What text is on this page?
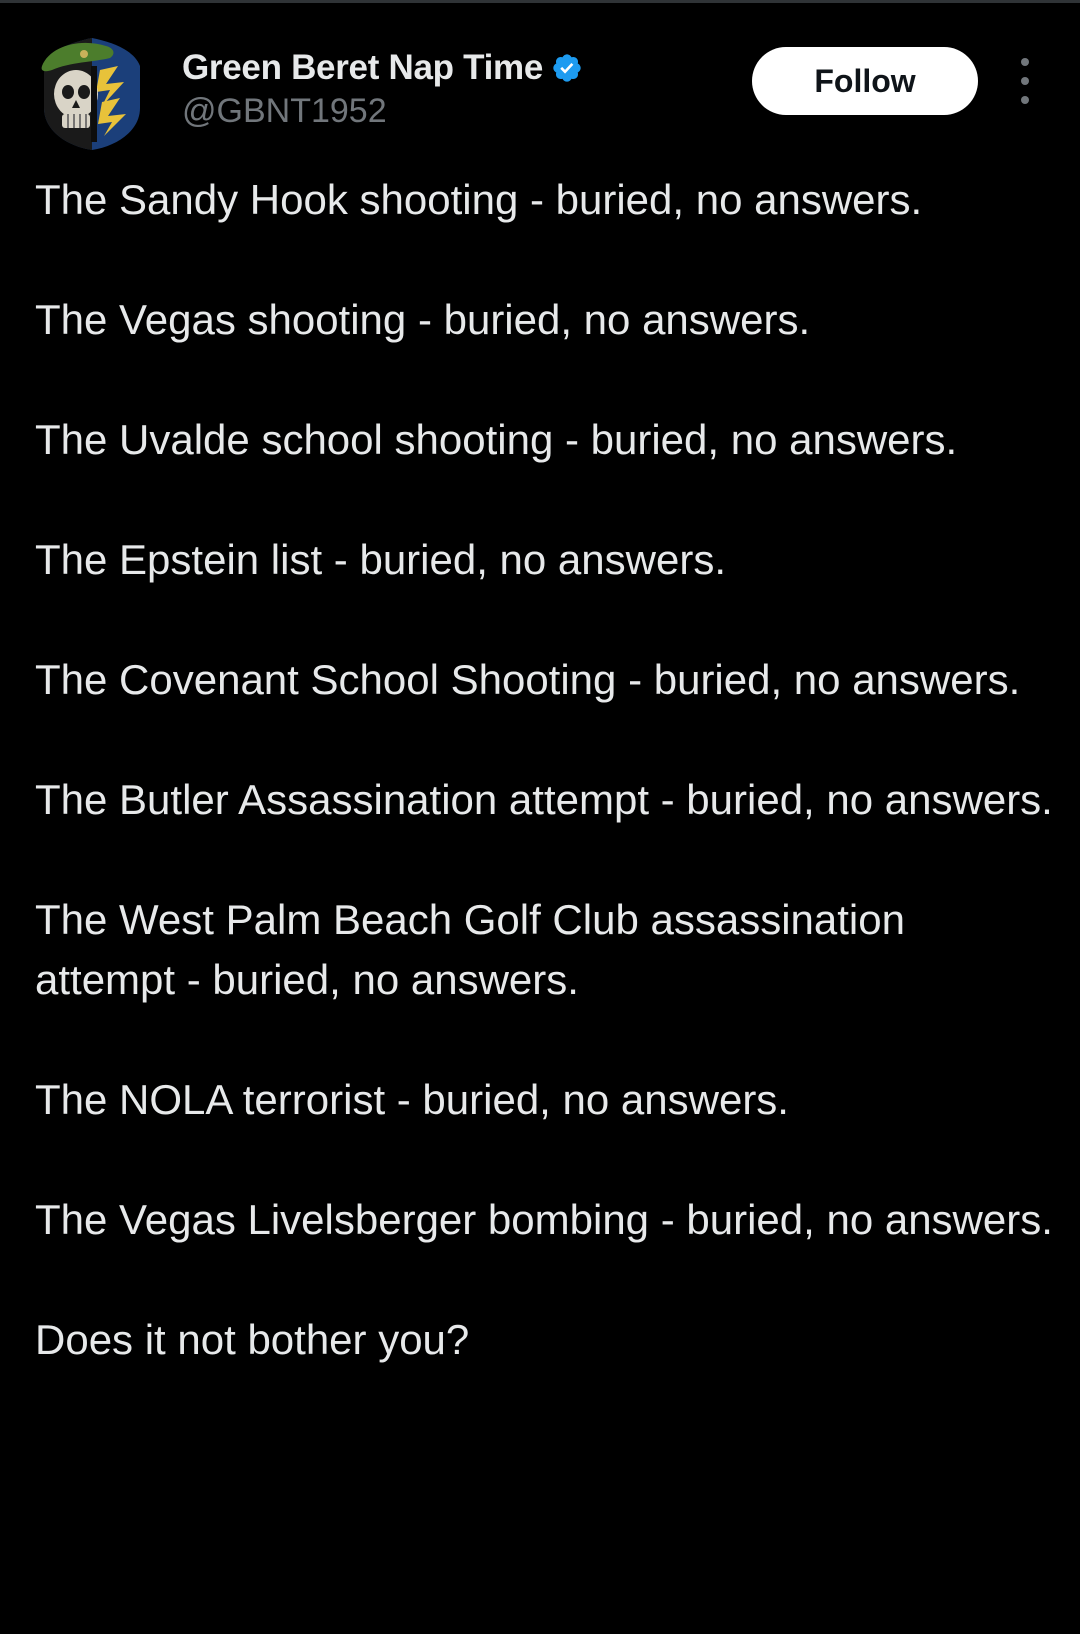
Green Beret Nap Time
@GBNT1952
Follow

The Sandy Hook shooting - buried, no answers.

The Vegas shooting - buried, no answers.

The Uvalde school shooting - buried, no answers.

The Epstein list - buried, no answers.

The Covenant School Shooting - buried, no answers.

The Butler Assassination attempt - buried, no answers.

The West Palm Beach Golf Club assassination attempt - buried, no answers.

The NOLA terrorist - buried, no answers.

The Vegas Livelsberger bombing - buried, no answers.

Does it not bother you?
